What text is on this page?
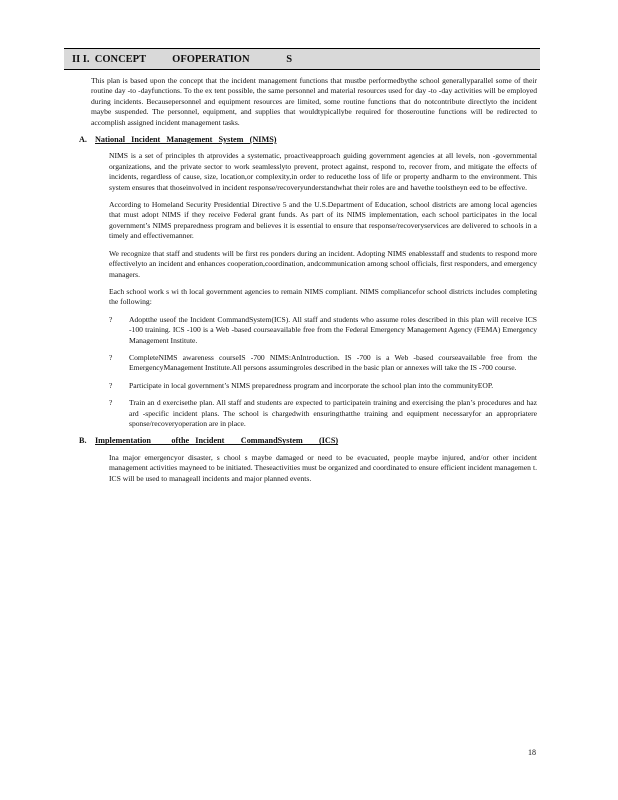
II I.  CONCEPT          OFOPERATION              S

This plan is based upon the concept that the incident management functions that mustbe performedbythe school generallyparallel some of their routine day -to -dayfunctions. To the ex tent possible, the same personnel and material resources used for day -to -day activities will be employed during incidents. Becausepersonnel and equipment resources are limited, some routine functions that do notcontribute directlyto the incident maybe suspended. The personnel, equipment, and supplies that wouldtypicallybe required for thoseroutine functions will be redirected to accomplish assigned incident management tasks.

A. National   Incident   Management   System   (NIMS)

NIMS is a set of principles th atprovides a systematic, proactiveapproach guiding government agencies at all levels, non -governmental organizations, and the private sector to work seamlesslyto prevent, protect against, respond to, recover from, and mitigate the effects of incidents, regardless of cause, size, location,or complexity,in order to reducethe loss of life or property andharm to the environment. This system ensures that thoseinvolved in incident response/recoveryunderstandwhat their roles are and havethe toolstheyn eed to be effective.

According to Homeland Security Presidential Directive 5 and the U.S.Department of Education, school districts are among local agencies that must adopt NIMS if they receive Federal grant funds. As part of its NIMS implementation, each school participates in the local government’s NIMS preparedness program and believes it is essential to ensure that response/recoveryservices are delivered to schools in a timely and effectivemanner.

We recognize that staff and students will be first res ponders during an incident. Adopting NIMS enablesstaff and students to respond more effectivelyto an incident and enhances cooperation,coordination, andcommunication among school officials, first responders, and emergency managers.

Each school work s wi th local government agencies to remain NIMS compliant. NIMS compliancefor school districts includes completing the following:

?	Adoptthe useof the Incident CommandSystem(ICS). All staff and students who assume roles described in this plan will receive ICS -100 training. ICS -100 is a Web -based courseavailable free from the Federal Emergency Management Agency (FEMA) Emergency Management Institute.
?	CompleteNIMS awareness courseIS -700 NIMS:AnIntroduction. IS -700 is a Web -based courseavailable free from the EmergencyManagement Institute.All persons assumingroles described in the basic plan or annexes will take the IS -700 course.
?	Participate in local government’s NIMS preparedness program and incorporate the school plan into the communityEOP.
?	Train an d exercisethe plan. All staff and students are expected to participatein training and exercising the plan’s procedures and haz ard -specific incident plans. The school is chargedwith ensuringthatthe training and equipment necessaryfor an appropriatere sponse/recoveryoperation are in place.
B.	Implementation          ofthe   Incident        CommandSystem        (ICS)

Ina major emergencyor disaster, s chool s maybe damaged or need to be evacuated, people maybe injured, and/or other incident management activities mayneed to be initiated. Theseactivities must be organized and coordinated to ensure efficient incident managemen t. ICS will be used to manageall incidents and major planned events.

18
